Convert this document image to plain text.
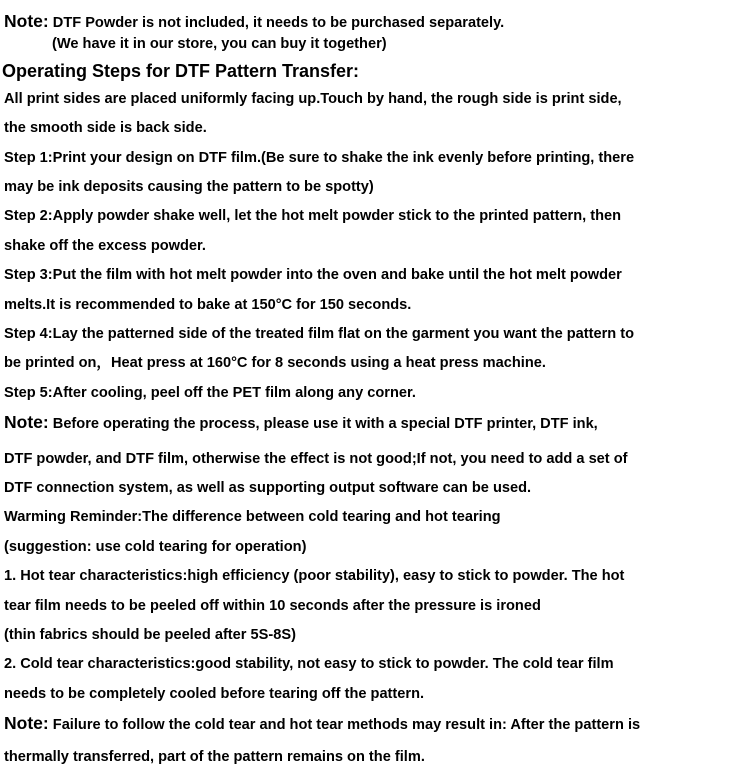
Note: DTF Powder is not included, it needs to be purchased separately.
(We have it in our store, you can buy it together)
Operating Steps for DTF Pattern Transfer:
All print sides are placed uniformly facing up.Touch by hand, the rough side is print side,
the smooth side is back side.
Step 1:Print your design on DTF film.(Be sure to shake the ink evenly before printing, there
may be ink deposits causing the pattern to be spotty)
Step 2:Apply powder shake well, let the hot melt powder stick to the printed pattern, then
shake off the excess powder.
Step 3:Put the film with hot melt powder into the oven and bake until the hot melt powder
melts.It is recommended to bake at 150°C for 150 seconds.
Step 4:Lay the patterned side of the treated film flat on the garment you want the pattern to
be printed on，Heat press at 160°C for 8 seconds using a heat press machine.
Step 5:After cooling, peel off the PET film along any corner.
Note: Before operating the process, please use it with a special DTF printer, DTF ink,
DTF powder, and DTF film, otherwise the effect is not good;If not, you need to add a set of
DTF connection system, as well as supporting output software can be used.
Warming Reminder:The difference between cold tearing and hot tearing
(suggestion: use cold tearing for operation)
1. Hot tear characteristics:high efficiency (poor stability), easy to stick to powder. The hot
tear film needs to be peeled off within 10 seconds after the pressure is ironed
(thin fabrics should be peeled after 5S-8S)
2. Cold tear characteristics:good stability, not easy to stick to powder. The cold tear film
needs to be completely cooled before tearing off the pattern.
Note: Failure to follow the cold tear and hot tear methods may result in: After the pattern is
thermally transferred, part of the pattern remains on the film.
